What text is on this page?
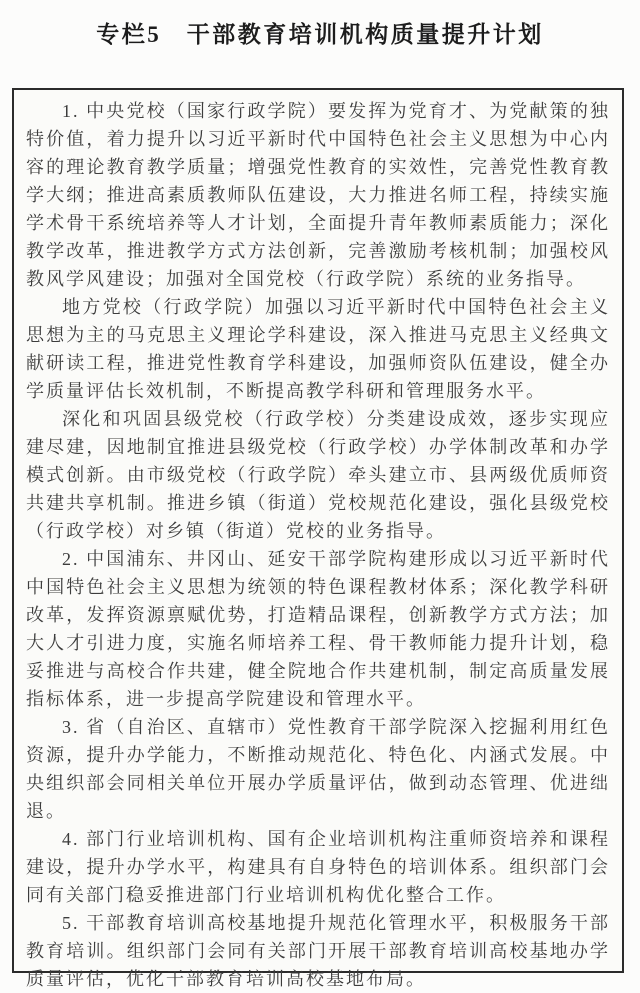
专栏5　干部教育培训机构质量提升计划

1. 中央党校（国家行政学院）要发挥为党育才、为党献策的独特价值，着力提升以习近平新时代中国特色社会主义思想为中心内容的理论教育教学质量；增强党性教育的实效性，完善党性教育教学大纲；推进高素质教师队伍建设，大力推进名师工程，持续实施学术骨干系统培养等人才计划，全面提升青年教师素质能力；深化教学改革，推进教学方式方法创新，完善激励考核机制；加强校风教风学风建设；加强对全国党校（行政学院）系统的业务指导。

地方党校（行政学院）加强以习近平新时代中国特色社会主义思想为主的马克思主义理论学科建设，深入推进马克思主义经典文献研读工程，推进党性教育学科建设，加强师资队伍建设，健全办学质量评估长效机制，不断提高教学科研和管理服务水平。

深化和巩固县级党校（行政学校）分类建设成效，逐步实现应建尽建，因地制宜推进县级党校（行政学校）办学体制改革和办学模式创新。由市级党校（行政学院）牵头建立市、县两级优质师资共建共享机制。推进乡镇（街道）党校规范化建设，强化县级党校（行政学校）对乡镇（街道）党校的业务指导。

2. 中国浦东、井冈山、延安干部学院构建形成以习近平新时代中国特色社会主义思想为统领的特色课程教材体系；深化教学科研改革，发挥资源禀赋优势，打造精品课程，创新教学方式方法；加大人才引进力度，实施名师培养工程、骨干教师能力提升计划，稳妥推进与高校合作共建，健全院地合作共建机制，制定高质量发展指标体系，进一步提高学院建设和管理水平。

3. 省（自治区、直辖市）党性教育干部学院深入挖掘利用红色资源，提升办学能力，不断推动规范化、特色化、内涵式发展。中央组织部会同相关单位开展办学质量评估，做到动态管理、优进绌退。

4. 部门行业培训机构、国有企业培训机构注重师资培养和课程建设，提升办学水平，构建具有自身特色的培训体系。组织部门会同有关部门稳妥推进部门行业培训机构优化整合工作。

5. 干部教育培训高校基地提升规范化管理水平，积极服务干部教育培训。组织部门会同有关部门开展干部教育培训高校基地办学质量评估，优化干部教育培训高校基地布局。
